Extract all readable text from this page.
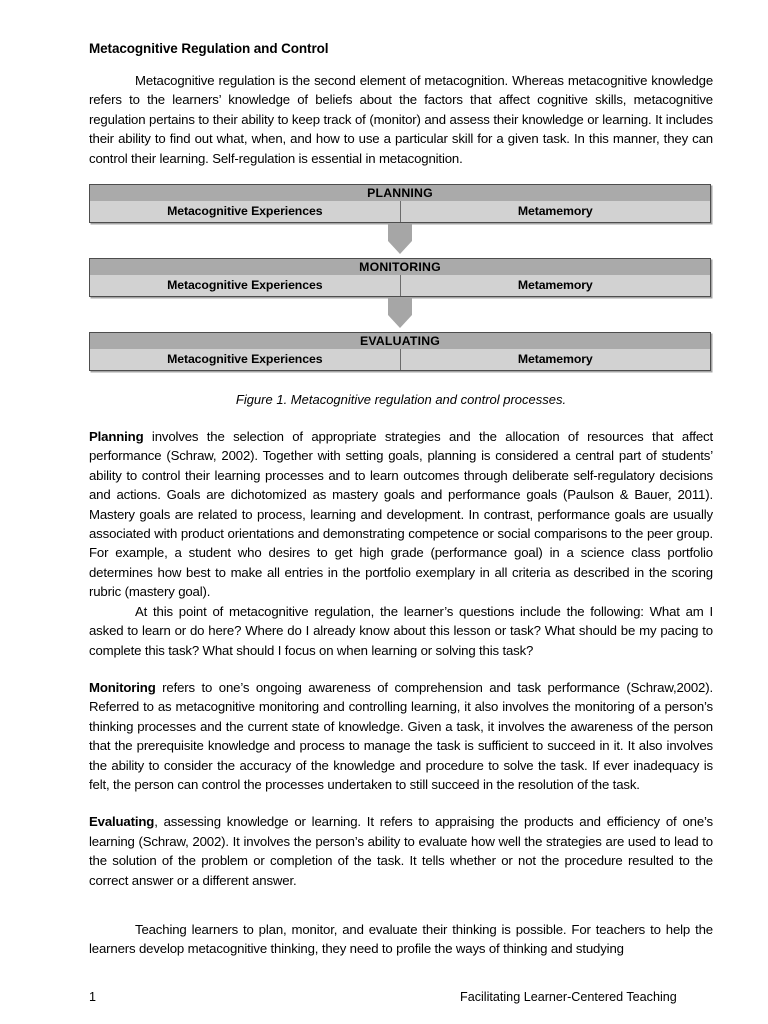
Metacognitive Regulation and Control

Metacognitive regulation is the second element of metacognition. Whereas metacognitive knowledge refers to the learners’ knowledge of beliefs about the factors that affect cognitive skills, metacognitive regulation pertains to their ability to keep track of (monitor) and assess their knowledge or learning. It includes their ability to find out what, when, and how to use a particular skill for a given task. In this manner, they can control their learning. Self-regulation is essential in metacognition.

PLANNING
Metacognitive Experiences	Metamemory
MONITORING
Metacognitive Experiences	Metamemory
EVALUATING
Metacognitive Experiences	Metamemory
Figure 1. Metacognitive regulation and control processes.

Planning involves the selection of appropriate strategies and the allocation of resources that affect performance (Schraw, 2002). Together with setting goals, planning is considered a central part of students’ ability to control their learning processes and to learn outcomes through deliberate self-regulatory decisions and actions. Goals are dichotomized as mastery goals and performance goals (Paulson & Bauer, 2011). Mastery goals are related to process, learning and development. In contrast, performance goals are usually associated with product orientations and demonstrating competence or social comparisons to the peer group. For example, a student who desires to get high grade (performance goal) in a science class portfolio determines how best to make all entries in the portfolio exemplary in all criteria as described in the scoring rubric (mastery goal).

At this point of metacognitive regulation, the learner’s questions include the following: What am I asked to learn or do here? Where do I already know about this lesson or task? What should be my pacing to complete this task? What should I focus on when learning or solving this task?

Monitoring refers to one’s ongoing awareness of comprehension and task performance (Schraw,2002). Referred to as metacognitive monitoring and controlling learning, it also involves the monitoring of a person’s thinking processes and the current state of knowledge. Given a task, it involves the awareness of the person that the prerequisite knowledge and process to manage the task is sufficient to succeed in it. It also involves the ability to consider the accuracy of the knowledge and procedure to solve the task. If ever inadequacy is felt, the person can control the processes undertaken to still succeed in the resolution of the task.

Evaluating, assessing knowledge or learning. It refers to appraising the products and efficiency of one’s learning (Schraw, 2002). It involves the person’s ability to evaluate how well the strategies are used to lead to the solution of the problem or completion of the task. It tells whether or not the procedure resulted to the correct answer or a different answer.

Teaching learners to plan, monitor, and evaluate their thinking is possible. For teachers to help the learners develop metacognitive thinking, they need to profile the ways of thinking and studying

1	Facilitating Learner-Centered Teaching
